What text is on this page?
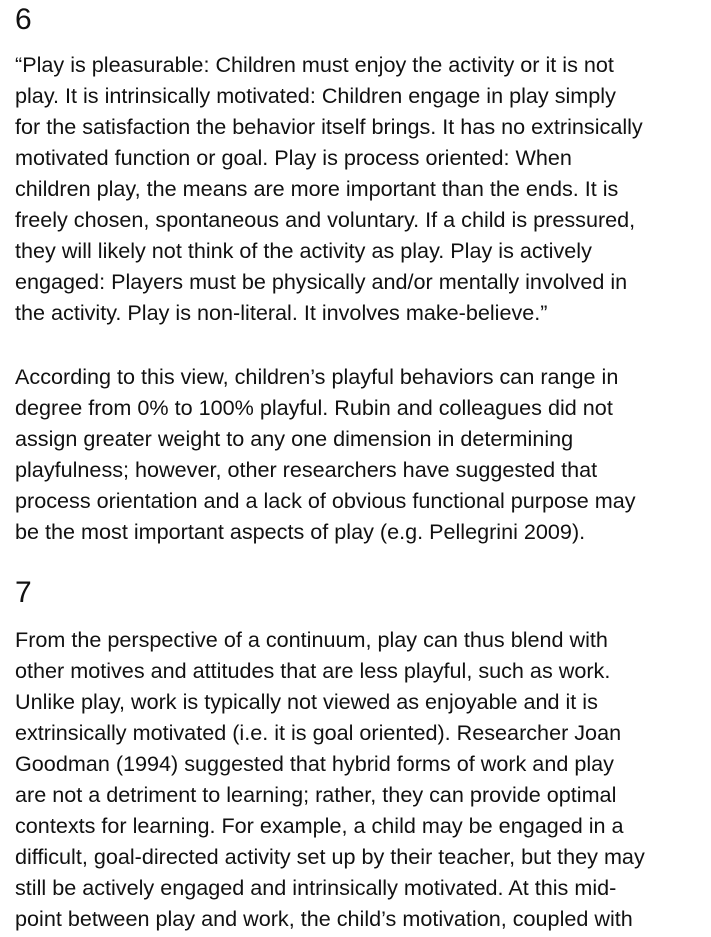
6

“Play is pleasurable: Children must enjoy the activity or it is not
play. It is intrinsically motivated: Children engage in play simply
for the satisfaction the behavior itself brings. It has no extrinsically
motivated function or goal. Play is process oriented: When
children play, the means are more important than the ends. It is
freely chosen, spontaneous and voluntary. If a child is pressured,
they will likely not think of the activity as play. Play is actively
engaged: Players must be physically and/or mentally involved in
the activity. Play is non-literal. It involves make-believe.”

According to this view, children’s playful behaviors can range in
degree from 0% to 100% playful. Rubin and colleagues did not
assign greater weight to any one dimension in determining
playfulness; however, other researchers have suggested that
process orientation and a lack of obvious functional purpose may
be the most important aspects of play (e.g. Pellegrini 2009).

7

From the perspective of a continuum, play can thus blend with
other motives and attitudes that are less playful, such as work.
Unlike play, work is typically not viewed as enjoyable and it is
extrinsically motivated (i.e. it is goal oriented). Researcher Joan
Goodman (1994) suggested that hybrid forms of work and play
are not a detriment to learning; rather, they can provide optimal
contexts for learning. For example, a child may be engaged in a
difficult, goal-directed activity set up by their teacher, but they may
still be actively engaged and intrinsically motivated. At this mid-
point between play and work, the child’s motivation, coupled with
